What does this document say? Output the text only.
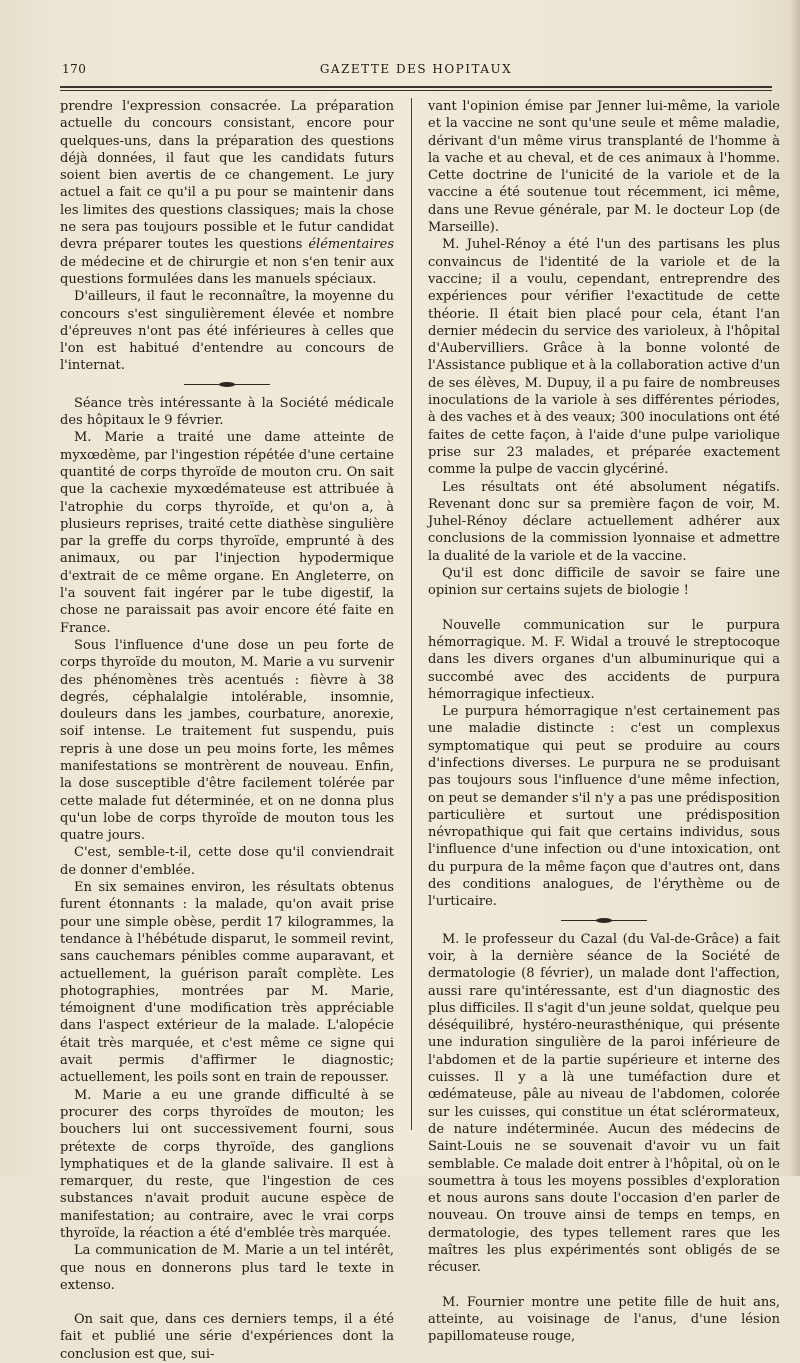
170	GAZETTE DES HOPITAUX

prendre l'expression consacrée. La préparation actuelle du concours consistant, encore pour quelques-uns, dans la préparation des questions déjà données, il faut que les candidats futurs soient bien avertis de ce changement. Le jury actuel a fait ce qu'il a pu pour se maintenir dans les limites des questions classiques; mais la chose ne sera pas toujours possible et le futur candidat devra préparer toutes les questions élémentaires de médecine et de chirurgie et non s'en tenir aux questions formulées dans les manuels spéciaux.

D'ailleurs, il faut le reconnaître, la moyenne du concours s'est singulièrement élevée et nombre d'épreuves n'ont pas été inférieures à celles que l'on est habitué d'entendre au concours de l'internat.

Séance très intéressante à la Société médicale des hôpitaux le 9 février.

M. Marie a traité une dame atteinte de myxœdème, par l'ingestion répétée d'une certaine quantité de corps thyroïde de mouton cru. On sait que la cachexie myxœdémateuse est attribuée à l'atrophie du corps thyroïde, et qu'on a, à plusieurs reprises, traité cette diathèse singulière par la greffe du corps thyroïde, emprunté à des animaux, ou par l'injection hypodermique d'extrait de ce même organe. En Angleterre, on l'a souvent fait ingérer par le tube digestif, la chose ne paraissait pas avoir encore été faite en France.

Sous l'influence d'une dose un peu forte de corps thyroïde du mouton, M. Marie a vu survenir des phénomènes très acentués : fièvre à 38 degrés, céphalalgie intolérable, insomnie, douleurs dans les jambes, courbature, anorexie, soif intense. Le traitement fut suspendu, puis repris à une dose un peu moins forte, les mêmes manifestations se montrèrent de nouveau. Enfin, la dose susceptible d'être facilement tolérée par cette malade fut déterminée, et on ne donna plus qu'un lobe de corps thyroïde de mouton tous les quatre jours.

C'est, semble-t-il, cette dose qu'il conviendrait de donner d'emblée.

En six semaines environ, les résultats obtenus furent étonnants : la malade, qu'on avait prise pour une simple obèse, perdit 17 kilogrammes, la tendance à l'hébétude disparut, le sommeil revint, sans cauchemars pénibles comme auparavant, et actuellement, la guérison paraît complète. Les photographies, montrées par M. Marie, témoignent d'une modification très appréciable dans l'aspect extérieur de la malade. L'alopécie était très marquée, et c'est même ce signe qui avait permis d'affirmer le diagnostic; actuellement, les poils sont en train de repousser.

M. Marie a eu une grande difficulté à se procurer des corps thyroïdes de mouton; les bouchers lui ont successivement fourni, sous prétexte de corps thyroïde, des ganglions lymphatiques et de la glande salivaire. Il est à remarquer, du reste, que l'ingestion de ces substances n'avait produit aucune espèce de manifestation; au contraire, avec le vrai corps thyroïde, la réaction a été d'emblée très marquée.

La communication de M. Marie a un tel intérêt, que nous en donnerons plus tard le texte in extenso.

On sait que, dans ces derniers temps, il a été fait et publié une série d'expériences dont la conclusion est que, sui-

vant l'opinion émise par Jenner lui-même, la variole et la vaccine ne sont qu'une seule et même maladie, dérivant d'un même virus transplanté de l'homme à la vache et au cheval, et de ces animaux à l'homme. Cette doctrine de l'unicité de la variole et de la vaccine a été soutenue tout récemment, ici même, dans une Revue générale, par M. le docteur Lop (de Marseille).

M. Juhel-Rénoy a été l'un des partisans les plus convaincus de l'identité de la variole et de la vaccine; il a voulu, cependant, entreprendre des expériences pour vérifier l'exactitude de cette théorie. Il était bien placé pour cela, étant l'an dernier médecin du service des varioleux, à l'hôpital d'Aubervilliers. Grâce à la bonne volonté de l'Assistance publique et à la collaboration active d'un de ses élèves, M. Dupuy, il a pu faire de nombreuses inoculations de la variole à ses différentes périodes, à des vaches et à des veaux; 300 inoculations ont été faites de cette façon, à l'aide d'une pulpe variolique prise sur 23 malades, et préparée exactement comme la pulpe de vaccin glycériné.

Les résultats ont été absolument négatifs. Revenant donc sur sa première façon de voir, M. Juhel-Rénoy déclare actuellement adhérer aux conclusions de la commission lyonnaise et admettre la dualité de la variole et de la vaccine.

Qu'il est donc difficile de savoir se faire une opinion sur certains sujets de biologie !

Nouvelle communication sur le purpura hémorragique. M. F. Widal a trouvé le streptocoque dans les divers organes d'un albuminurique qui a succombé avec des accidents de purpura hémorragique infectieux.

Le purpura hémorragique n'est certainement pas une maladie distincte : c'est un complexus symptomatique qui peut se produire au cours d'infections diverses. Le purpura ne se produisant pas toujours sous l'influence d'une même infection, on peut se demander s'il n'y a pas une prédisposition particulière et surtout une prédisposition névropathique qui fait que certains individus, sous l'influence d'une infection ou d'une intoxication, ont du purpura de la même façon que d'autres ont, dans des conditions analogues, de l'érythème ou de l'urticaire.

M. le professeur du Cazal (du Val-de-Grâce) a fait voir, à la dernière séance de la Société de dermatologie (8 février), un malade dont l'affection, aussi rare qu'intéressante, est d'un diagnostic des plus difficiles. Il s'agit d'un jeune soldat, quelque peu déséquilibré, hystéro-neurasthénique, qui présente une induration singulière de la paroi inférieure de l'abdomen et de la partie supérieure et interne des cuisses. Il y a là une tuméfaction dure et œdémateuse, pâle au niveau de l'abdomen, colorée sur les cuisses, qui constitue un état sclérormateux, de nature indéterminée. Aucun des médecins de Saint-Louis ne se souvenait d'avoir vu un fait semblable. Ce malade doit entrer à l'hôpital, où on le soumettra à tous les moyens possibles d'exploration et nous aurons sans doute l'occasion d'en parler de nouveau. On trouve ainsi de temps en temps, en dermatologie, des types tellement rares que les maîtres les plus expérimentés sont obligés de se récuser.

M. Fournier montre une petite fille de huit ans, atteinte, au voisinage de l'anus, d'une lésion papillomateuse rouge,
